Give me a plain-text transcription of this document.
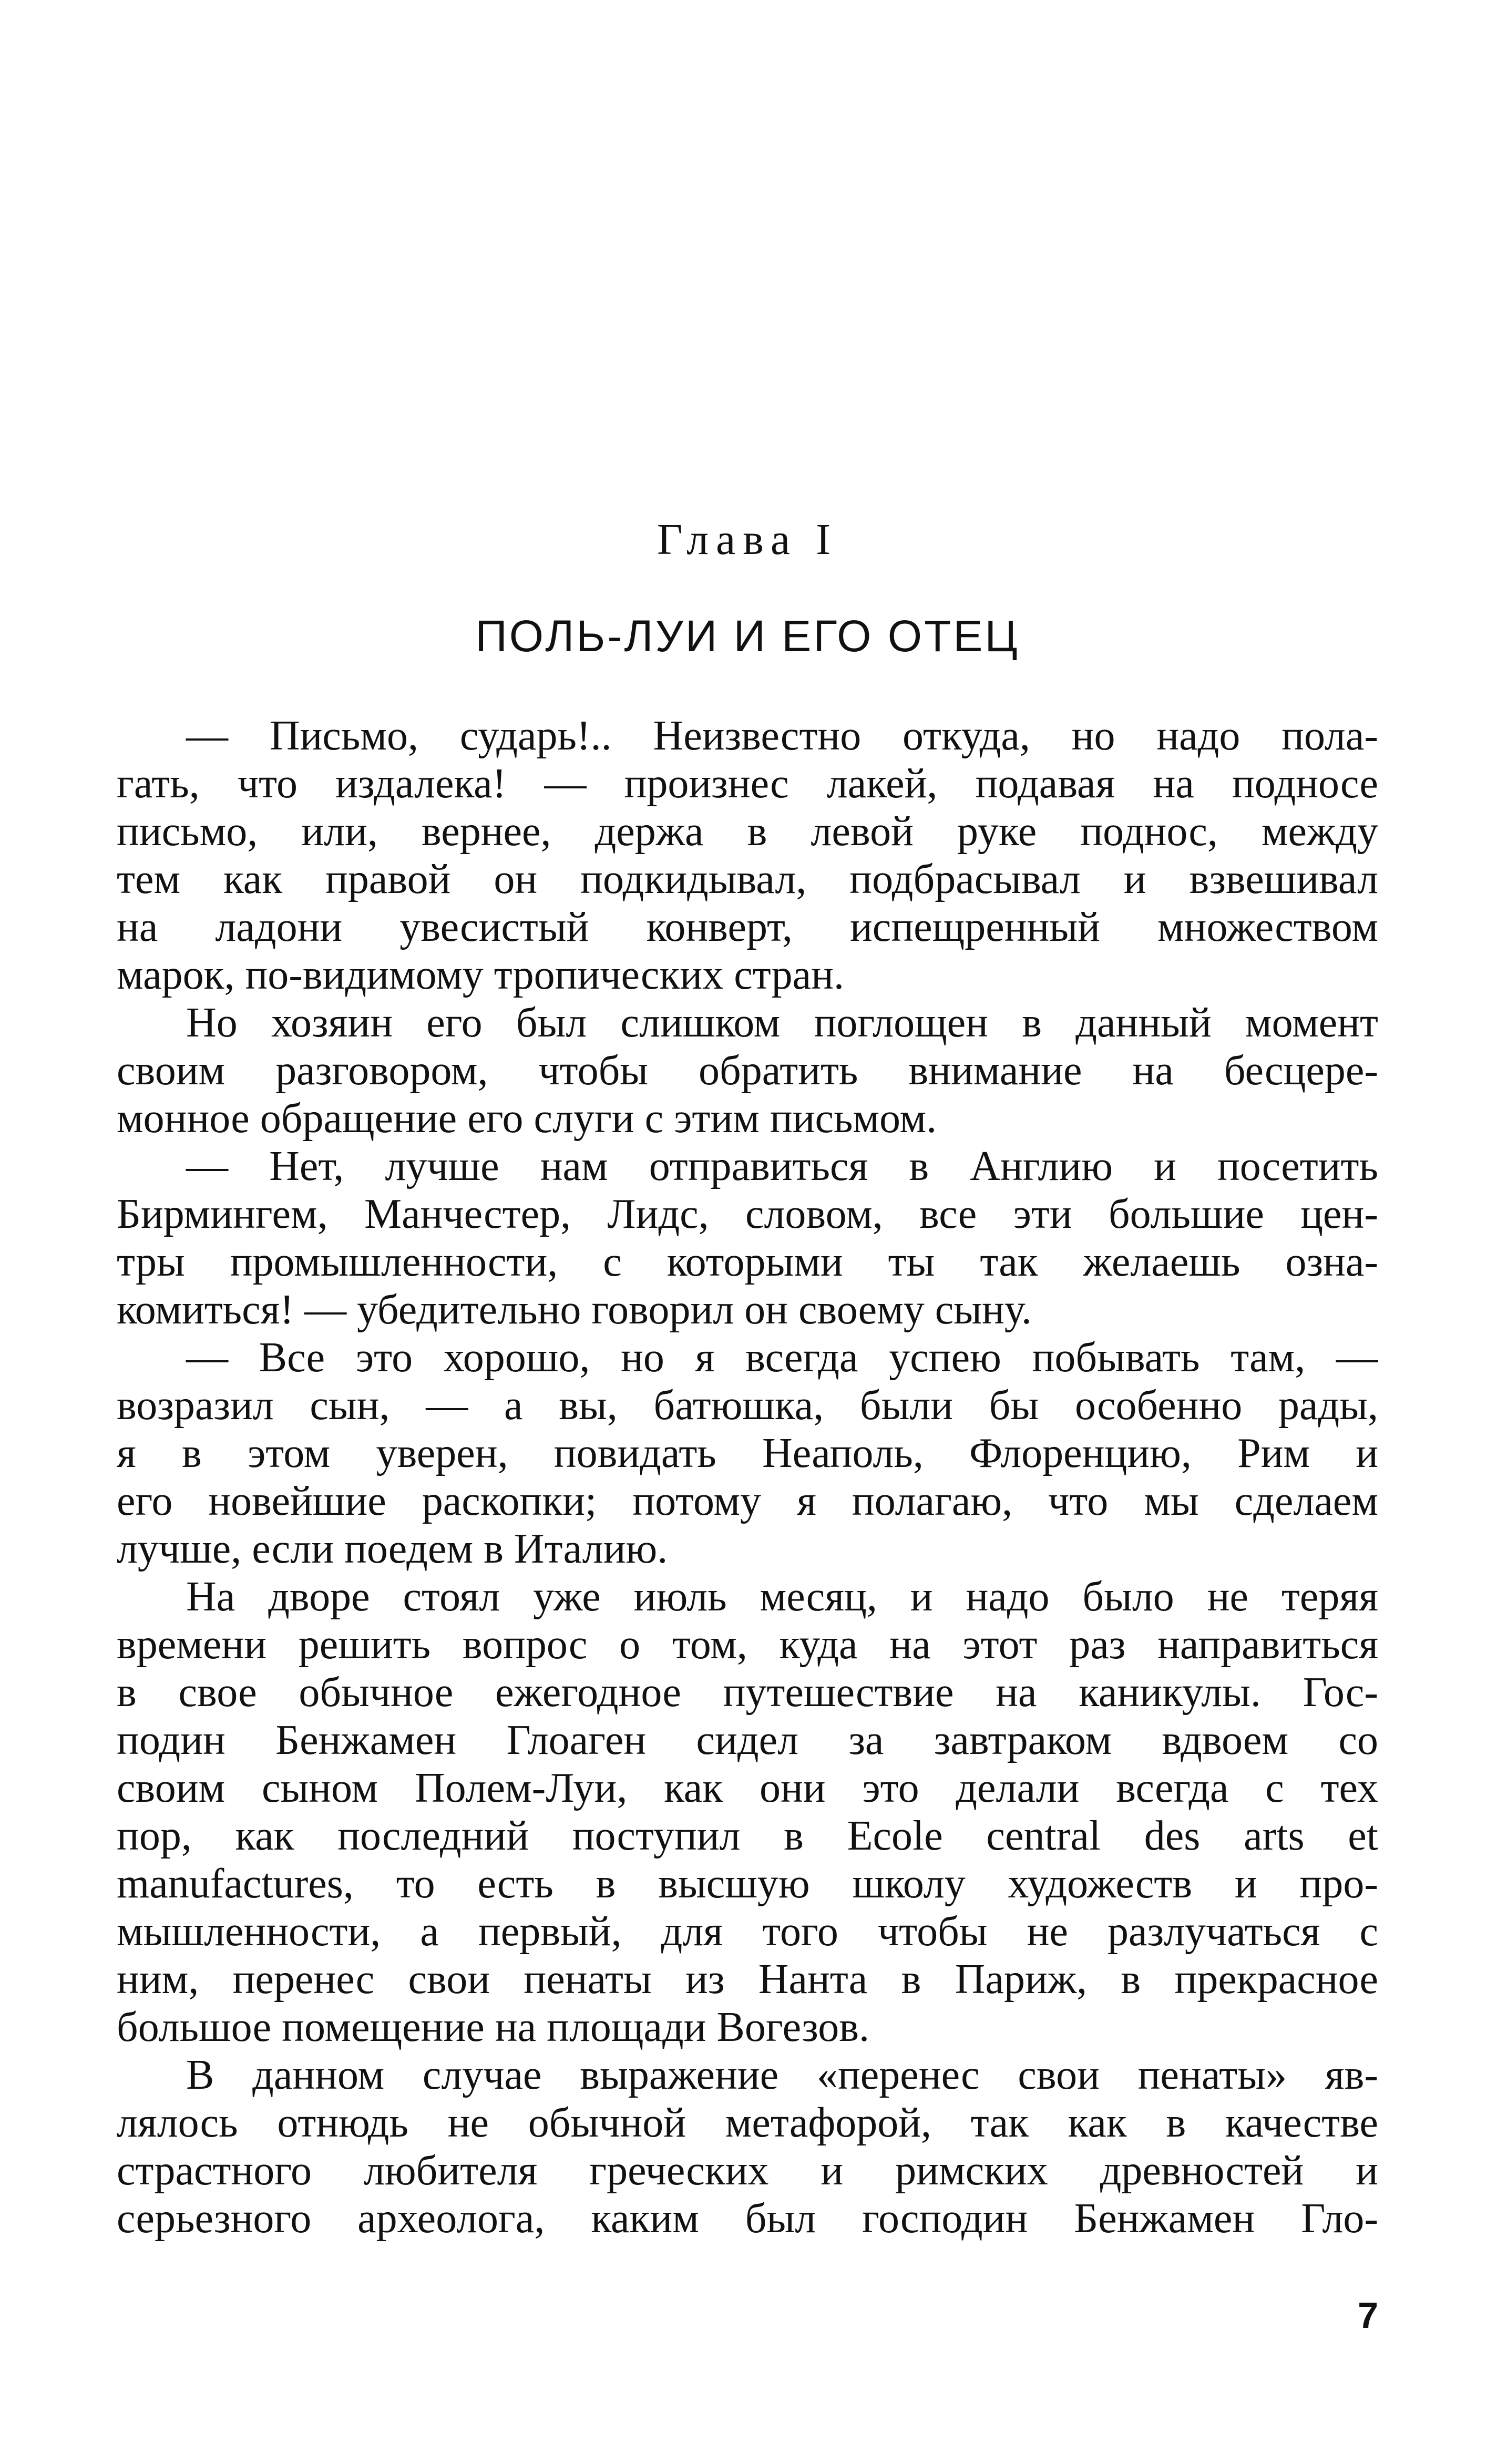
Глава I
ПОЛЬ-ЛУИ И ЕГО ОТЕЦ
— Письмо, сударь!.. Неизвестно откуда, но надо пола-
гать, что издалека! — произнес лакей, подавая на подносе
письмо, или, вернее, держа в левой руке поднос, между
тем как правой он подкидывал, подбрасывал и взвешивал
на ладони увесистый конверт, испещренный множеством
марок, по-видимому тропических стран.
Но хозяин его был слишком поглощен в данный момент
своим разговором, чтобы обратить внимание на бесцере-
монное обращение его слуги с этим письмом.
— Нет, лучше нам отправиться в Англию и посетить
Бирмингем, Манчестер, Лидс, словом, все эти большие цен-
тры промышленности, с которыми ты так желаешь озна-
комиться! — убедительно говорил он своему сыну.
— Все это хорошо, но я всегда успею побывать там, —
возразил сын, — а вы, батюшка, были бы особенно рады,
я в этом уверен, повидать Неаполь, Флоренцию, Рим и
его новейшие раскопки; потому я полагаю, что мы сделаем
лучше, если поедем в Италию.
На дворе стоял уже июль месяц, и надо было не теряя
времени решить вопрос о том, куда на этот раз направиться
в свое обычное ежегодное путешествие на каникулы. Гос-
подин Бенжамен Глоаген сидел за завтраком вдвоем со
своим сыном Полем-Луи, как они это делали всегда с тех
пор, как последний поступил в Ecole central des arts et
manufactures, то есть в высшую школу художеств и про-
мышленности, а первый, для того чтобы не разлучаться с
ним, перенес свои пенаты из Нанта в Париж, в прекрасное
большое помещение на площади Вогезов.
В данном случае выражение «перенес свои пенаты» яв-
лялось отнюдь не обычной метафорой, так как в качестве
страстного любителя греческих и римских древностей и
серьезного археолога, каким был господин Бенжамен Гло-
7
